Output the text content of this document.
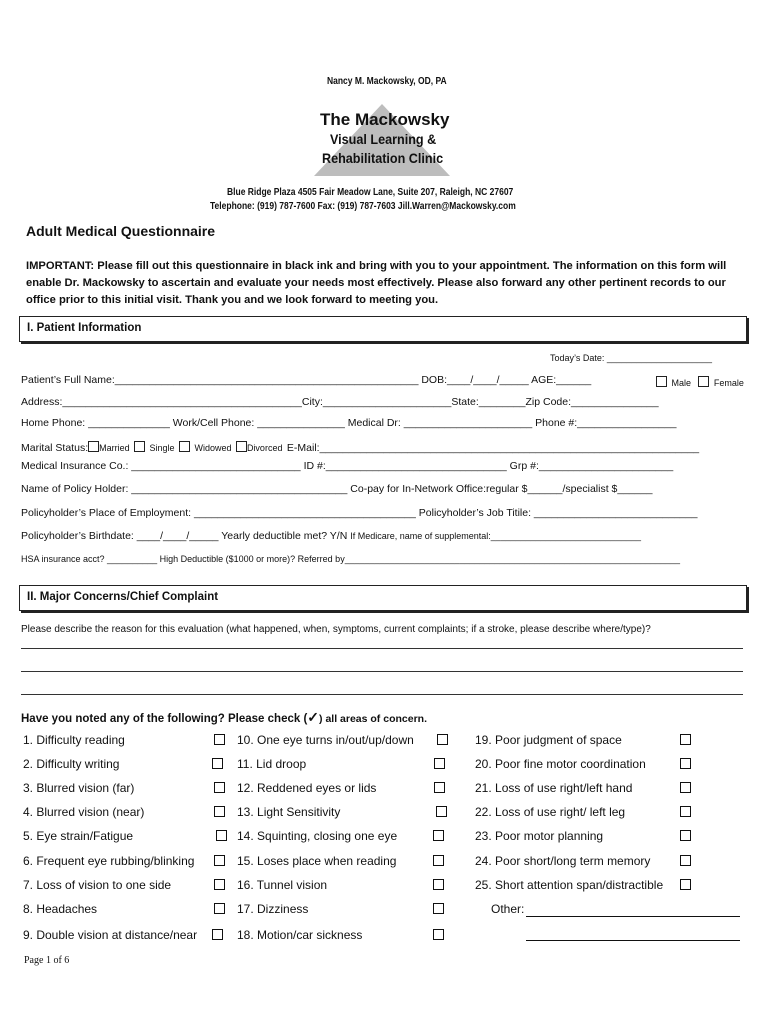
Nancy M. Mackowsky, OD, PA
The Mackowsky
Visual Learning &
Rehabilitation Clinic
Blue Ridge Plaza 4505 Fair Meadow Lane, Suite 207, Raleigh, NC 27607
Telephone: (919) 787-7600 Fax: (919) 787-7603 Jill.Warren@Mackowsky.com
Adult Medical Questionnaire
IMPORTANT: Please fill out this questionnaire in black ink and bring with you to your appointment. The information on this form will enable Dr. Mackowsky to ascertain and evaluate your needs most effectively. Please also forward any other pertinent records to our office prior to this initial visit. Thank you and we look forward to meeting you.
I. Patient Information
Today’s Date: _____________________
Patient’s Full Name:____________________________________________________ DOB:____/____/_____ AGE:______	Male	Female
Address:_________________________________________City:______________________State:________Zip Code:_______________
Home Phone: ______________ Work/Cell Phone: _______________ Medical Dr: ______________________ Phone #:_________________
Marital Status: Married Single Widowed Divorced E-Mail:_________________________________________________________________
Medical Insurance Co.: _____________________________ ID #:_______________________________ Grp #:_______________________
Name of Policy Holder: _____________________________________ Co-pay for In-Network Office:regular $______/specialist $______
Policyholder’s Place of Employment: ______________________________________ Policyholder’s Job Titile: ____________________________
Policyholder’s Birthdate: ____/____/_____ Yearly deductible met? Y/N If Medicare, name of supplemental:______________________________
HSA insurance acct? __________ High Deductible ($1000 or more)? Referred by___________________________________________________________________
II. Major Concerns/Chief Complaint
Please describe the reason for this evaluation (what happened, when, symptoms, current complaints; if a stroke, please describe where/type)?
Have you noted any of the following? Please check (✓) all areas of concern.
1. Difficulty reading
2. Difficulty writing
3. Blurred vision (far)
4. Blurred vision (near)
5. Eye strain/Fatigue
6. Frequent eye rubbing/blinking
7. Loss of vision to one side
8. Headaches
9. Double vision at distance/near
10. One eye turns in/out/up/down
11. Lid droop
12. Reddened eyes or lids
13. Light Sensitivity
14. Squinting, closing one eye
15. Loses place when reading
16. Tunnel vision
17. Dizziness
18. Motion/car sickness
19. Poor judgment of space
20. Poor fine motor coordination
21. Loss of use right/left hand
22. Loss of use right/ left leg
23. Poor motor planning
24. Poor short/long term memory
25. Short attention span/distractible
Other:
Page 1 of 6
